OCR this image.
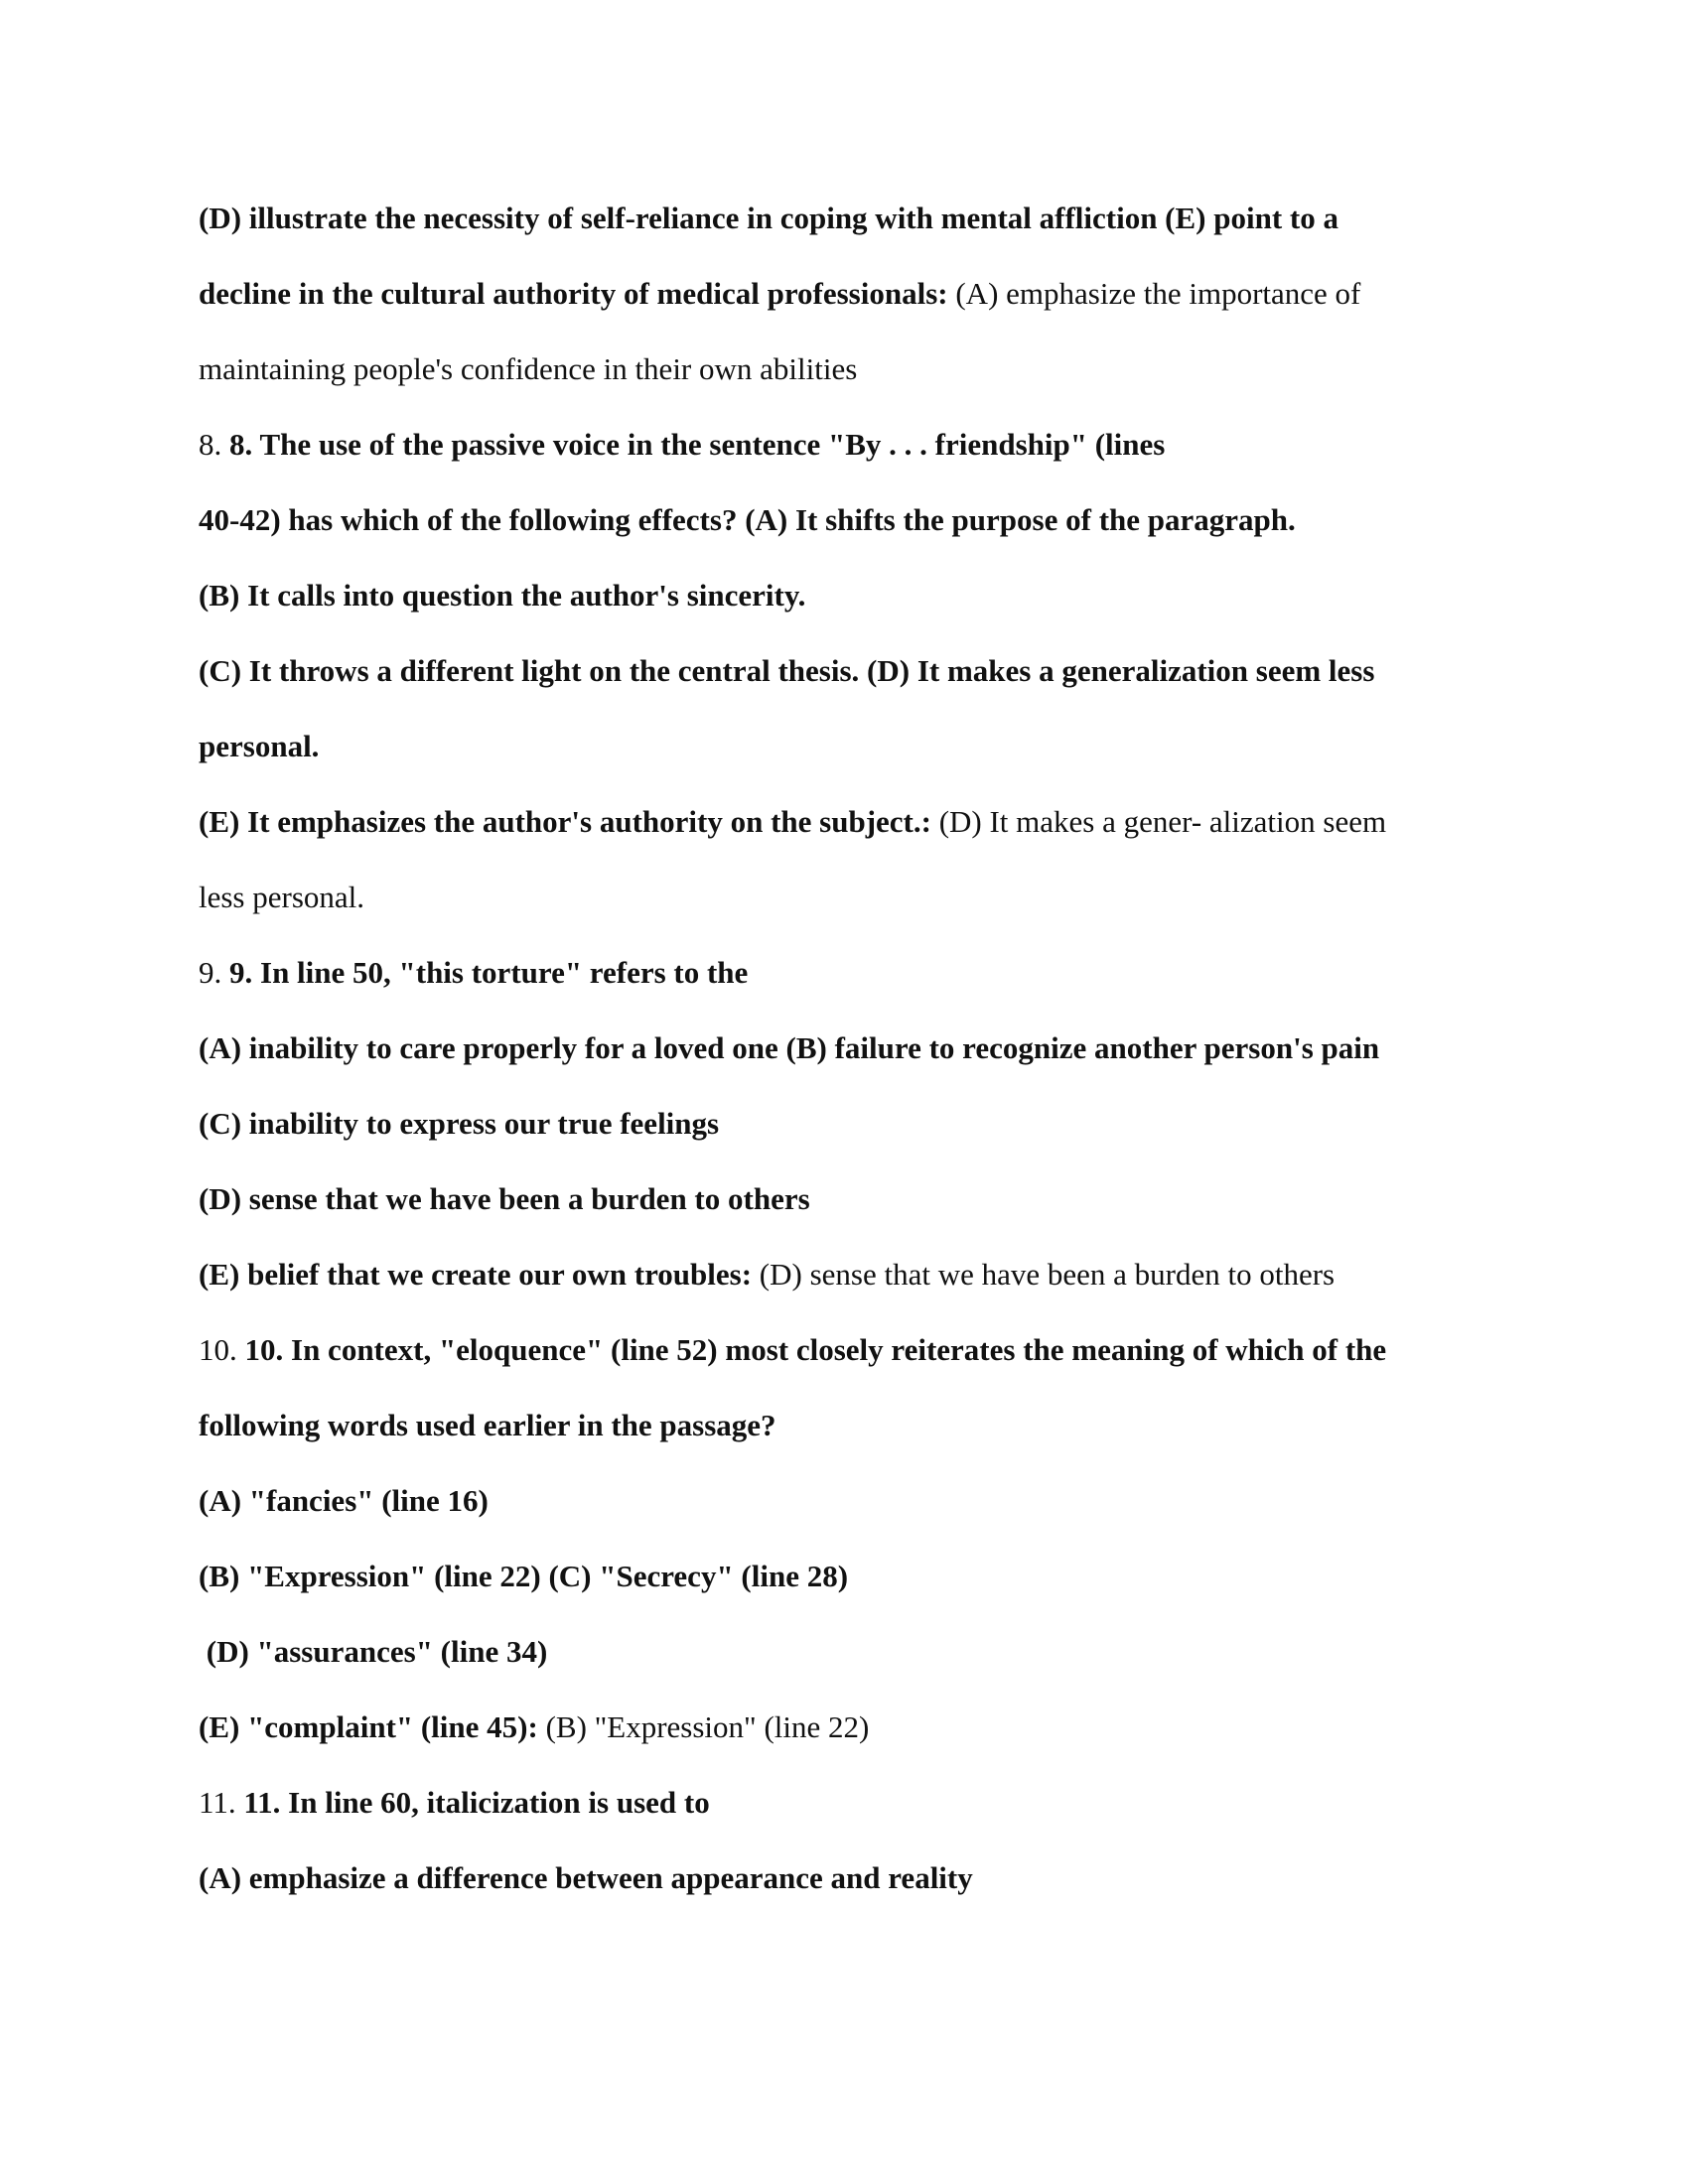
(D) illustrate the necessity of self-reliance in coping with mental affliction (E) point to a
decline in the cultural authority of medical professionals: (A) emphasize the importance of
maintaining people's confidence in their own abilities
8. 8. The use of the passive voice in the sentence "By . . . friendship" (lines
40-42) has which of the following effects? (A) It shifts the purpose of the paragraph.
(B) It calls into question the author's sincerity.
(C) It throws a different light on the central thesis. (D) It makes a generalization seem less
personal.
(E) It emphasizes the author's authority on the subject.: (D) It makes a gener- alization seem
less personal.
9. 9. In line 50, "this torture" refers to the
(A) inability to care properly for a loved one (B) failure to recognize another person's pain
(C) inability to express our true feelings
(D) sense that we have been a burden to others
(E) belief that we create our own troubles: (D) sense that we have been a burden to others
10. 10. In context, "eloquence" (line 52) most closely reiterates the meaning of which of the
following words used earlier in the passage?
(A) "fancies" (line 16)
(B) "Expression" (line 22) (C) "Secrecy" (line 28)
(D) "assurances" (line 34)
(E) "complaint" (line 45): (B) "Expression" (line 22)
11. 11. In line 60, italicization is used to
(A) emphasize a difference between appearance and reality
